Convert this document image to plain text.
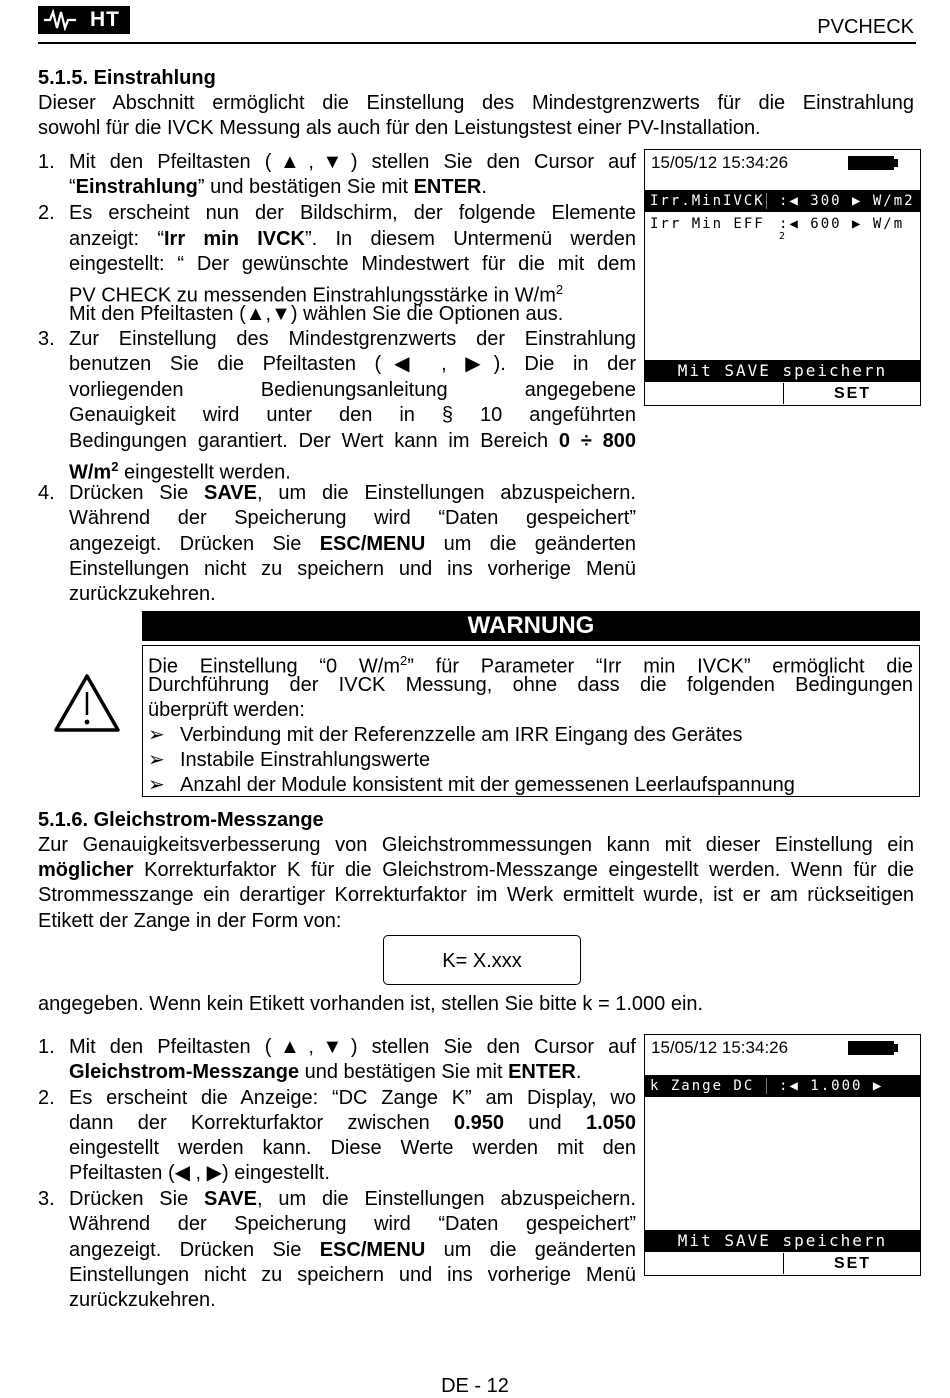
HT	PVCHECK
5.1.5. Einstrahlung
Dieser Abschnitt ermöglicht die Einstellung des Mindestgrenzwerts für die Einstrahlung
sowohl für die IVCK Messung als auch für den Leistungstest einer PV-Installation.
1. Mit den Pfeiltasten (▲,▼) stellen Sie den Cursor auf
“Einstrahlung” und bestätigen Sie mit ENTER.
2. Es erscheint nun der Bildschirm, der folgende Elemente
anzeigt: “Irr min IVCK”. In diesem Untermenü werden
eingestellt: “ Der gewünschte Mindestwert für die mit dem
PV CHECK zu messenden Einstrahlungsstärke in $W/m^2$
Mit den Pfeiltasten (▲,▼) wählen Sie die Optionen aus.
3. Zur Einstellung des Mindestgrenzwerts der Einstrahlung
benutzen Sie die Pfeiltasten (◀ , ▶). Die in der
vorliegenden Bedienungsanleitung angegebene
Genauigkeit wird unter den in § 10 angeführten
Bedingungen garantiert. Der Wert kann im Bereich 0 ÷ 800
$W/m^2$ eingestellt werden.
4. Drücken Sie SAVE, um die Einstellungen abzuspeichern.
Während der Speicherung wird “Daten gespeichert”
angezeigt. Drücken Sie ESC/MENU um die geänderten
Einstellungen nicht zu speichern und ins vorherige Menü
zurückzukehren.
15/05/12 15:34:26
Irr.MinIVCK :◀ 300 ▶ W/m2
Irr Min EFF :◀ 600 ▶ W/m
2
Mit SAVE speichern
SET
WARNUNG
Die Einstellung “0 $W/m^2$” für Parameter “Irr min IVCK” ermöglicht die
Durchführung der IVCK Messung, ohne dass die folgenden Bedingungen
überprüft werden:
➢ Verbindung mit der Referenzzelle am IRR Eingang des Gerätes
➢ Instabile Einstrahlungswerte
➢ Anzahl der Module konsistent mit der gemessenen Leerlaufspannung
5.1.6. Gleichstrom-Messzange
Zur Genauigkeitsverbesserung von Gleichstrommessungen kann mit dieser Einstellung ein
möglicher Korrekturfaktor K für die Gleichstrom-Messzange eingestellt werden. Wenn für die
Strommesszange ein derartiger Korrekturfaktor im Werk ermittelt wurde, ist er am rückseitigen
Etikett der Zange in der Form von:
K= X.xxx
angegeben. Wenn kein Etikett vorhanden ist, stellen Sie bitte k = 1.000 ein.
1. Mit den Pfeiltasten (▲,▼) stellen Sie den Cursor auf
Gleichstrom-Messzange und bestätigen Sie mit ENTER.
2. Es erscheint die Anzeige: “DC Zange K” am Display, wo
dann der Korrekturfaktor zwischen 0.950 und 1.050
eingestellt werden kann. Diese Werte werden mit den
Pfeiltasten (◀ , ▶) eingestellt.
3. Drücken Sie SAVE, um die Einstellungen abzuspeichern.
Während der Speicherung wird “Daten gespeichert”
angezeigt. Drücken Sie ESC/MENU um die geänderten
Einstellungen nicht zu speichern und ins vorherige Menü
zurückzukehren.
15/05/12 15:34:26
k Zange DC :◀ 1.000 ▶
Mit SAVE speichern
SET
DE - 12
